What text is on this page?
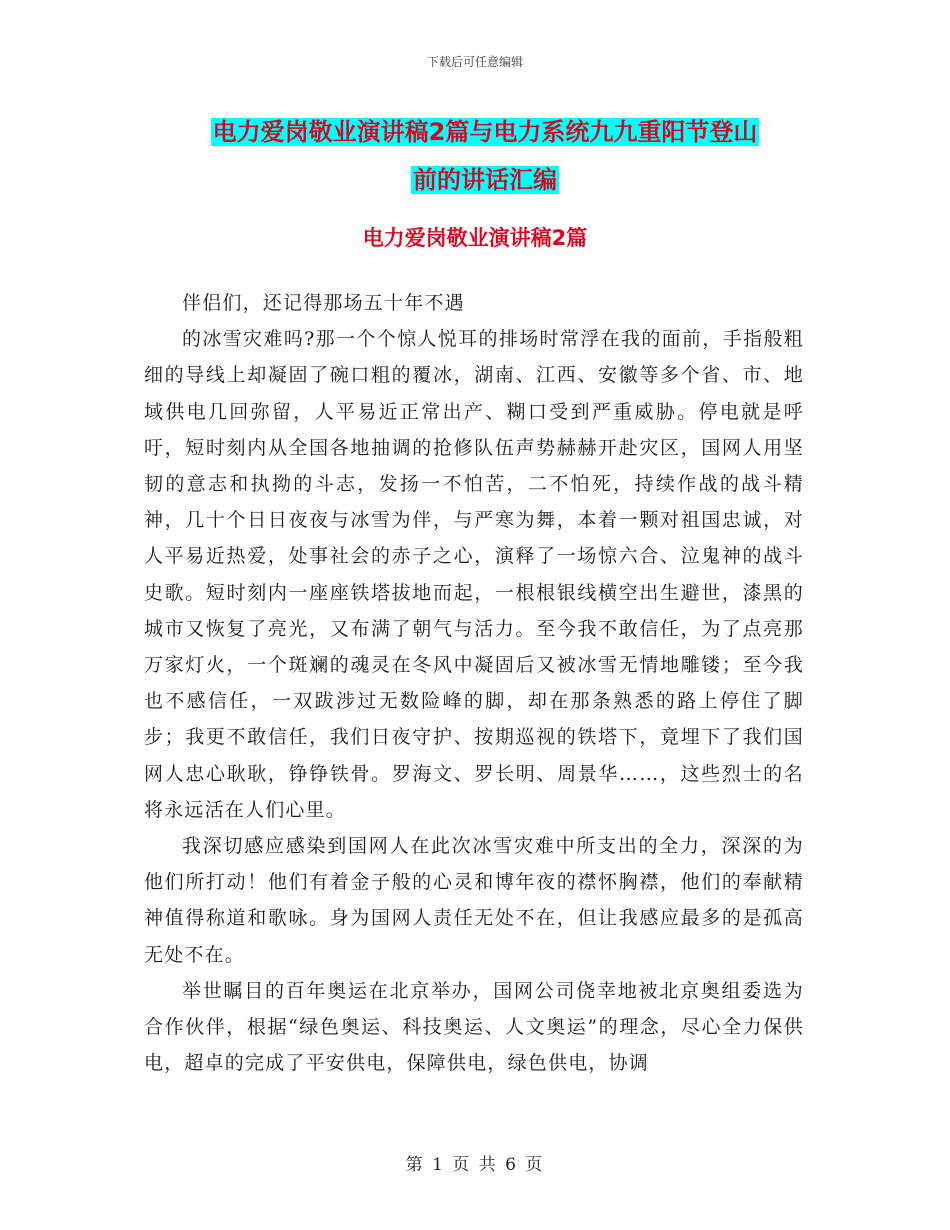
下载后可任意编辑
电力爱岗敬业演讲稿2篇与电力系统九九重阳节登山
前的讲话汇编
电力爱岗敬业演讲稿2篇

伴侣们，还记得那场五十年不遇

的冰雪灾难吗?那一个个惊人悦耳的排场时常浮在我的面前，手指般粗细的导线上却凝固了碗口粗的覆冰，湖南、江西、安徽等多个省、市、地域供电几回弥留，人平易近正常出产、糊口受到严重威胁。停电就是呼吁，短时刻内从全国各地抽调的抢修队伍声势赫赫开赴灾区，国网人用坚韧的意志和执拗的斗志，发扬一不怕苦，二不怕死，持续作战的战斗精神，几十个日日夜夜与冰雪为伴，与严寒为舞，本着一颗对祖国忠诚，对人平易近热爱，处事社会的赤子之心，演释了一场惊六合、泣鬼神的战斗史歌。短时刻内一座座铁塔拔地而起，一根根银线横空出生避世，漆黑的城市又恢复了亮光，又布满了朝气与活力。至今我不敢信任，为了点亮那万家灯火，一个斑斓的魂灵在冬风中凝固后又被冰雪无情地雕镂；至今我也不感信任，一双跋涉过无数险峰的脚，却在那条熟悉的路上停住了脚步；我更不敢信任，我们日夜守护、按期巡视的铁塔下，竟埋下了我们国网人忠心耿耿，铮铮铁骨。罗海文、罗长明、周景华……，这些烈士的名将永远活在人们心里。

我深切感应感染到国网人在此次冰雪灾难中所支出的全力，深深的为他们所打动！他们有着金子般的心灵和博年夜的襟怀胸襟，他们的奉献精神值得称道和歌咏。身为国网人责任无处不在，但让我感应最多的是孤高无处不在。

举世瞩目的百年奥运在北京举办，国网公司侥幸地被北京奥组委选为合作伙伴，根据“绿色奥运、科技奥运、人文奥运”的理念，尽心全力保供电，超卓的完成了平安供电，保障供电，绿色供电，协调

第 1 页 共 6 页
